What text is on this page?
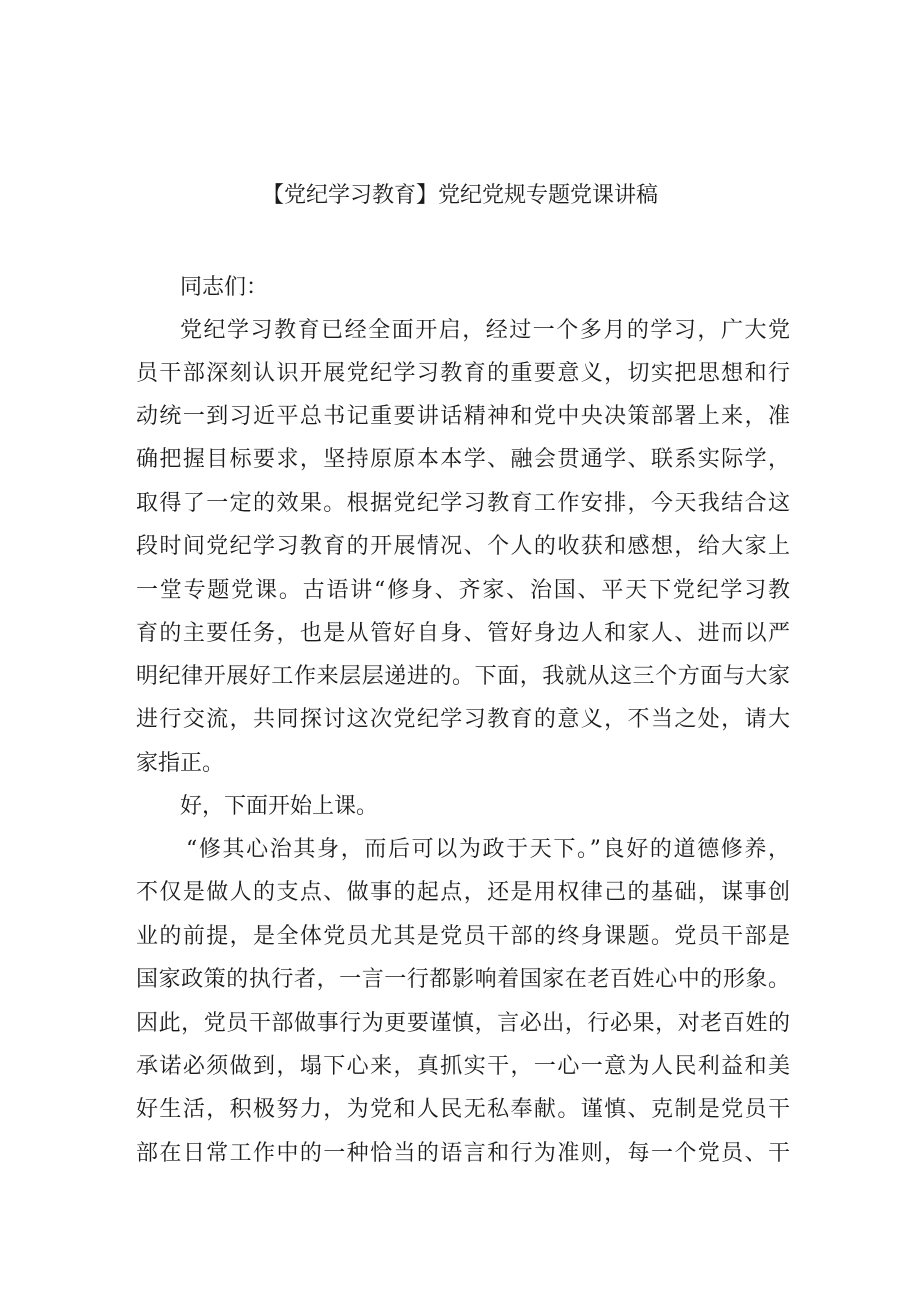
【党纪学习教育】党纪党规专题党课讲稿

同志们：

党纪学习教育已经全面开启，经过一个多月的学习，广大党

员干部深刻认识开展党纪学习教育的重要意义，切实把思想和行

动统一到习近平总书记重要讲话精神和党中央决策部署上来，准

确把握目标要求，坚持原原本本学、融会贯通学、联系实际学，

取得了一定的效果。根据党纪学习教育工作安排，今天我结合这

段时间党纪学习教育的开展情况、个人的收获和感想，给大家上

一堂专题党课。古语讲“修身、齐家、治国、平天下党纪学习教

育的主要任务，也是从管好自身、管好身边人和家人、进而以严

明纪律开展好工作来层层递进的。下面，我就从这三个方面与大家

进行交流，共同探讨这次党纪学习教育的意义，不当之处，请大

家指正。

好，下面开始上课。

“修其心治其身，而后可以为政于天下。”良好的道德修养，

不仅是做人的支点、做事的起点，还是用权律己的基础，谋事创

业的前提，是全体党员尤其是党员干部的终身课题。党员干部是

国家政策的执行者，一言一行都影响着国家在老百姓心中的形象。

因此，党员干部做事行为更要谨慎，言必出，行必果，对老百姓的

承诺必须做到，塌下心来，真抓实干，一心一意为人民利益和美

好生活，积极努力，为党和人民无私奉献。谨慎、克制是党员干

部在日常工作中的一种恰当的语言和行为准则，每一个党员、干
